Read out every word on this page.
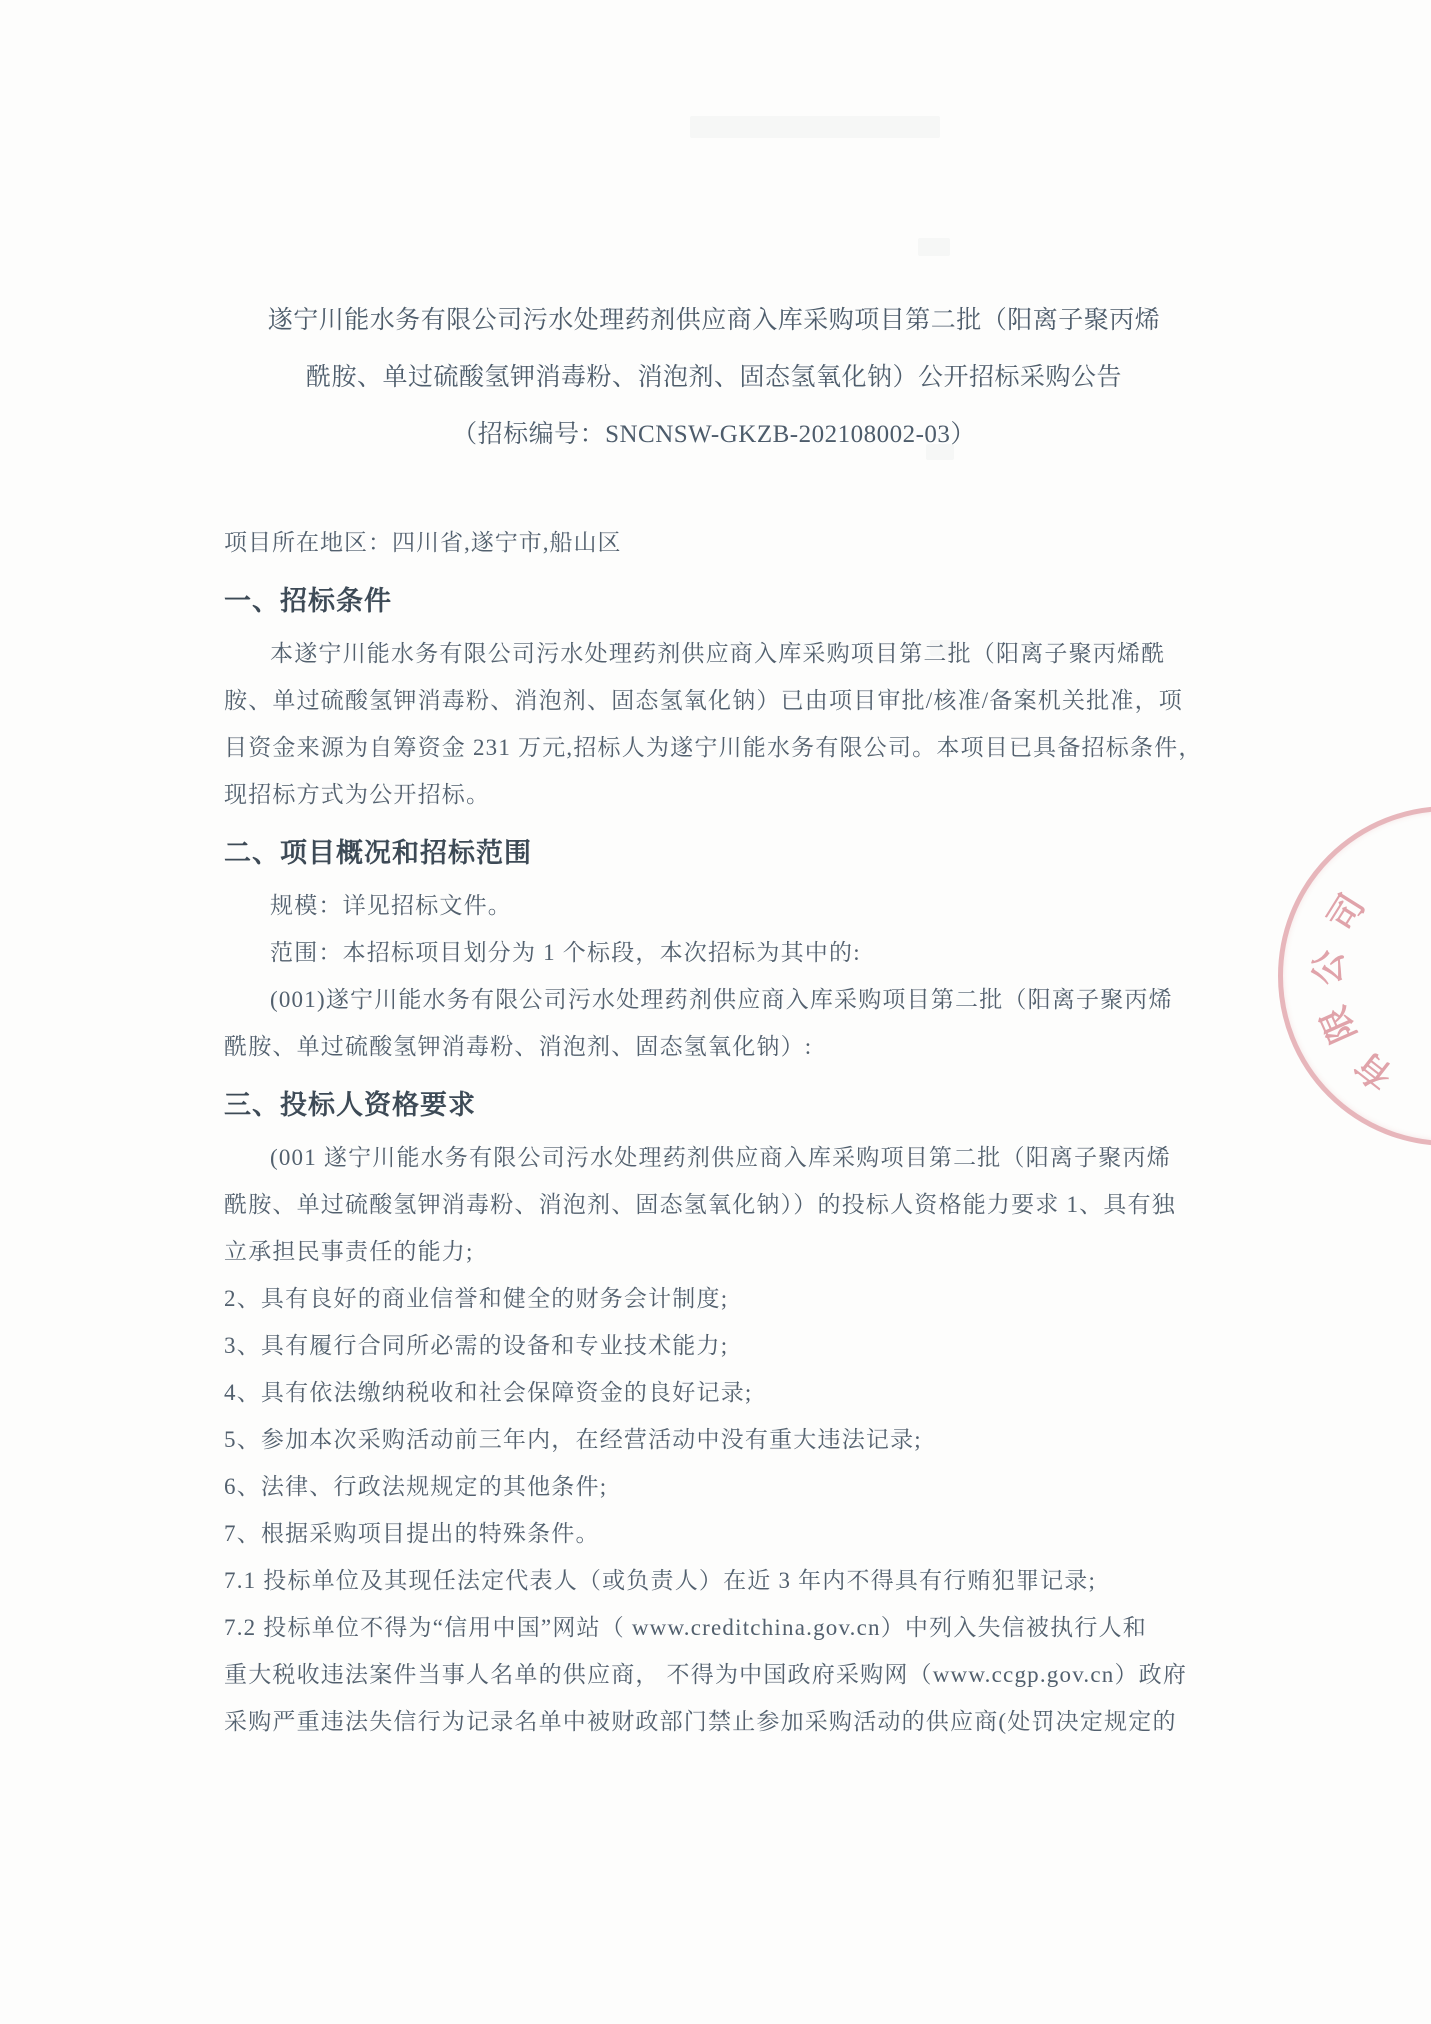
遂宁川能水务有限公司污水处理药剂供应商入库采购项目第二批（阳离子聚丙烯
酰胺、单过硫酸氢钾消毒粉、消泡剂、固态氢氧化钠）公开招标采购公告
（招标编号：SNCNSW-GKZB-202108002-03）
项目所在地区：四川省,遂宁市,船山区
一、招标条件
本遂宁川能水务有限公司污水处理药剂供应商入库采购项目第二批（阳离子聚丙烯酰
胺、单过硫酸氢钾消毒粉、消泡剂、固态氢氧化钠）已由项目审批/核准/备案机关批准，项
目资金来源为自筹资金 231 万元,招标人为遂宁川能水务有限公司。本项目已具备招标条件，
现招标方式为公开招标。
二、项目概况和招标范围
规模：详见招标文件。
范围：本招标项目划分为 1 个标段，本次招标为其中的:
(001)遂宁川能水务有限公司污水处理药剂供应商入库采购项目第二批（阳离子聚丙烯
酰胺、单过硫酸氢钾消毒粉、消泡剂、固态氢氧化钠）:
三、投标人资格要求
(001 遂宁川能水务有限公司污水处理药剂供应商入库采购项目第二批（阳离子聚丙烯
酰胺、单过硫酸氢钾消毒粉、消泡剂、固态氢氧化钠））的投标人资格能力要求 1、具有独
立承担民事责任的能力;
2、具有良好的商业信誉和健全的财务会计制度;
3、具有履行合同所必需的设备和专业技术能力;
4、具有依法缴纳税收和社会保障资金的良好记录;
5、参加本次采购活动前三年内，在经营活动中没有重大违法记录;
6、法律、行政法规规定的其他条件;
7、根据采购项目提出的特殊条件。
7.1 投标单位及其现任法定代表人（或负责人）在近 3 年内不得具有行贿犯罪记录;
7.2 投标单位不得为“信用中国”网站（ www.creditchina.gov.cn）中列入失信被执行人和
重大税收违法案件当事人名单的供应商， 不得为中国政府采购网（www.ccgp.gov.cn）政府
采购严重违法失信行为记录名单中被财政部门禁止参加采购活动的供应商(处罚决定规定的
有
限
公
司
